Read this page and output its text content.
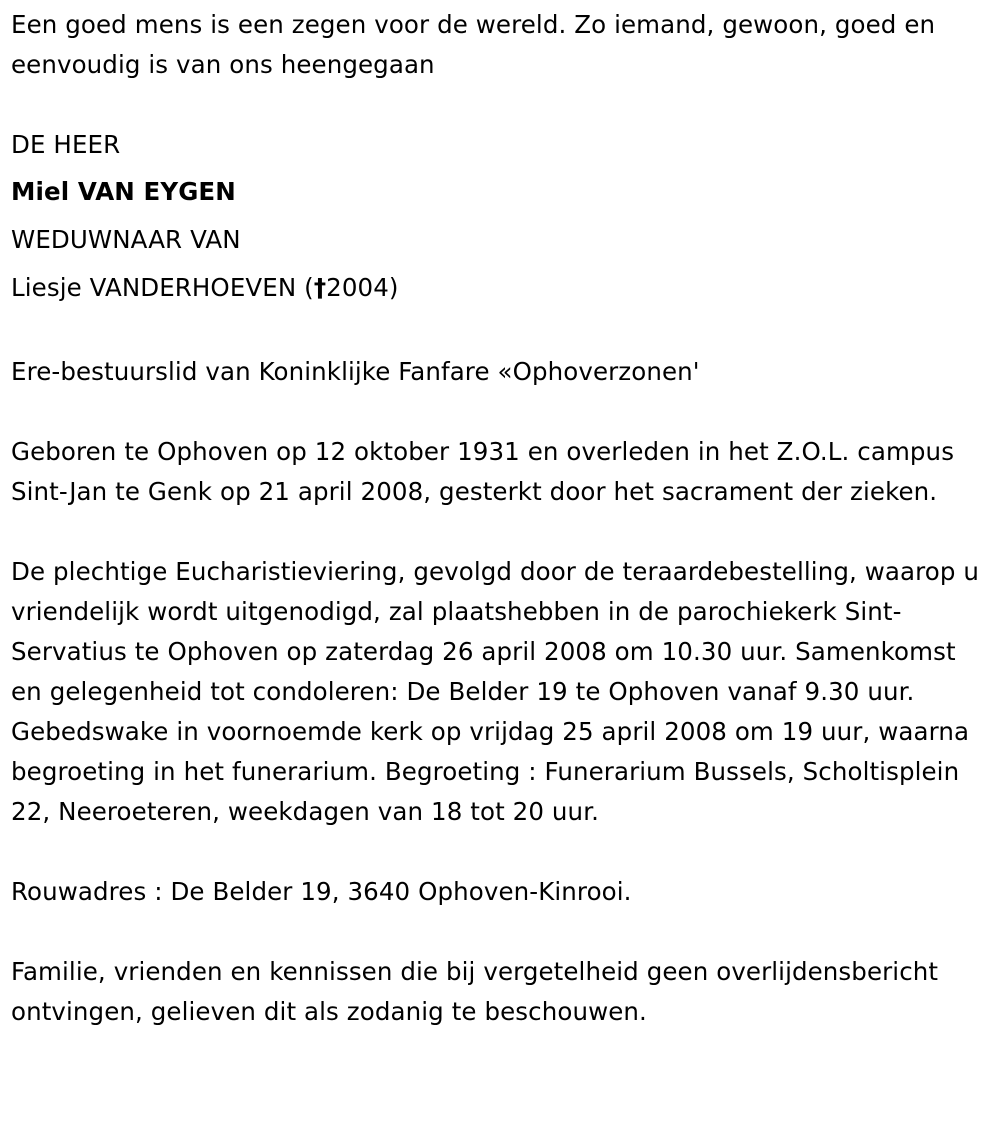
Een goed mens is een zegen voor de wereld. Zo iemand, gewoon, goed en eenvoudig is van ons heengegaan

DE HEER
Miel VAN EYGEN
WEDUWNAAR VAN
Liesje VANDERHOEVEN (†2004)

Ere-bestuurslid van Koninklijke Fanfare «Ophoverzonen'

Geboren te Ophoven op 12 oktober 1931 en overleden in het Z.O.L. campus Sint-Jan te Genk op 21 april 2008, gesterkt door het sacrament der zieken.

De plechtige Eucharistieviering, gevolgd door de teraardebestelling, waarop u vriendelijk wordt uitgenodigd, zal plaatshebben in de parochiekerk Sint-Servatius te Ophoven op zaterdag 26 april 2008 om 10.30 uur. Samenkomst en gelegenheid tot condoleren: De Belder 19 te Ophoven vanaf 9.30 uur. Gebedswake in voornoemde kerk op vrijdag 25 april 2008 om 19 uur, waarna begroeting in het funerarium. Begroeting : Funerarium Bussels, Scholtisplein 22, Neeroeteren, weekdagen van 18 tot 20 uur.

Rouwadres : De Belder 19, 3640 Ophoven-Kinrooi.

Familie, vrienden en kennissen die bij vergetelheid geen overlijdensbericht ontvingen, gelieven dit als zodanig te beschouwen.
